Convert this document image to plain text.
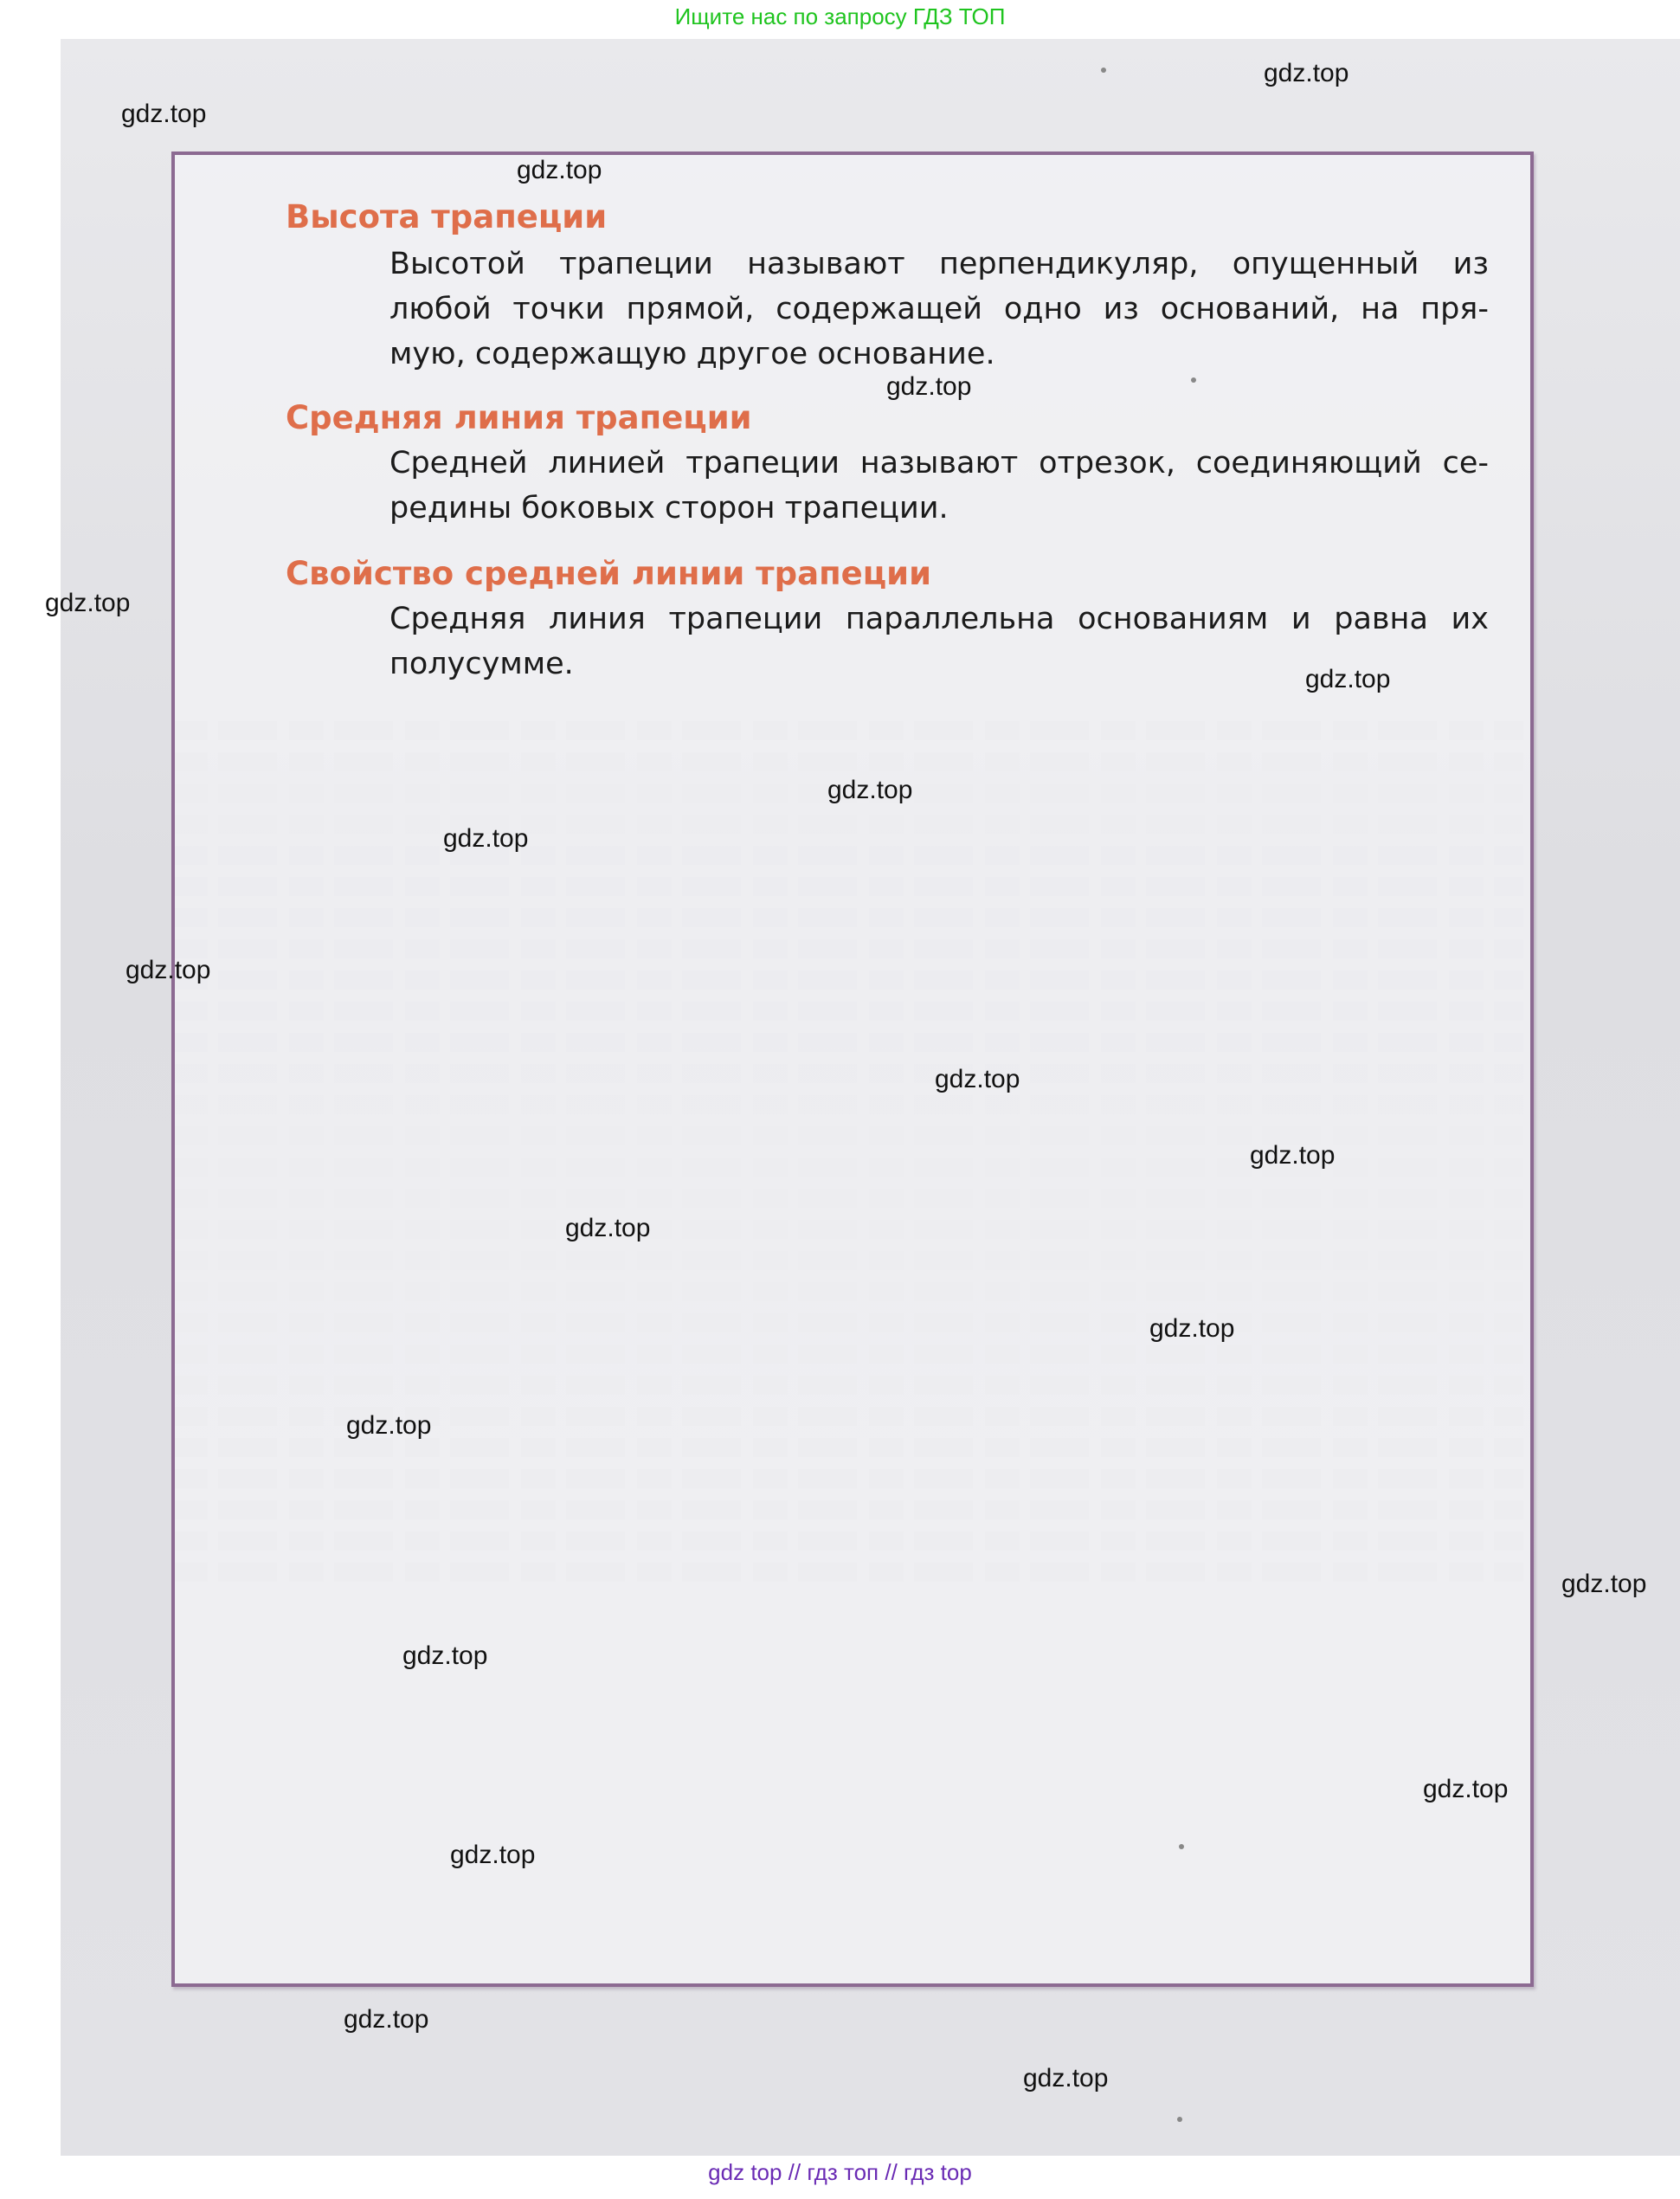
Ищите нас по запросу ГДЗ ТОП
Высота трапеции
Высотой трапеции называют перпендикуляр, опущенный из
любой точки прямой, содержащей одно из оснований, на пря-
мую, содержащую другое основание.
Средняя линия трапеции
Средней линией трапеции называют отрезок, соединяющий се-
редины боковых сторон трапеции.
Свойство средней линии трапеции
Средняя линия трапеции параллельна основаниям и равна их
полусумме.
gdz.top
gdz.top
gdz.top
gdz.top
gdz.top
gdz.top
gdz.top
gdz.top
gdz.top
gdz.top
gdz.top
gdz.top
gdz.top
gdz.top
gdz.top
gdz.top
gdz.top
gdz.top
gdz.top
gdz.top
gdz top // гдз топ // гдз top
